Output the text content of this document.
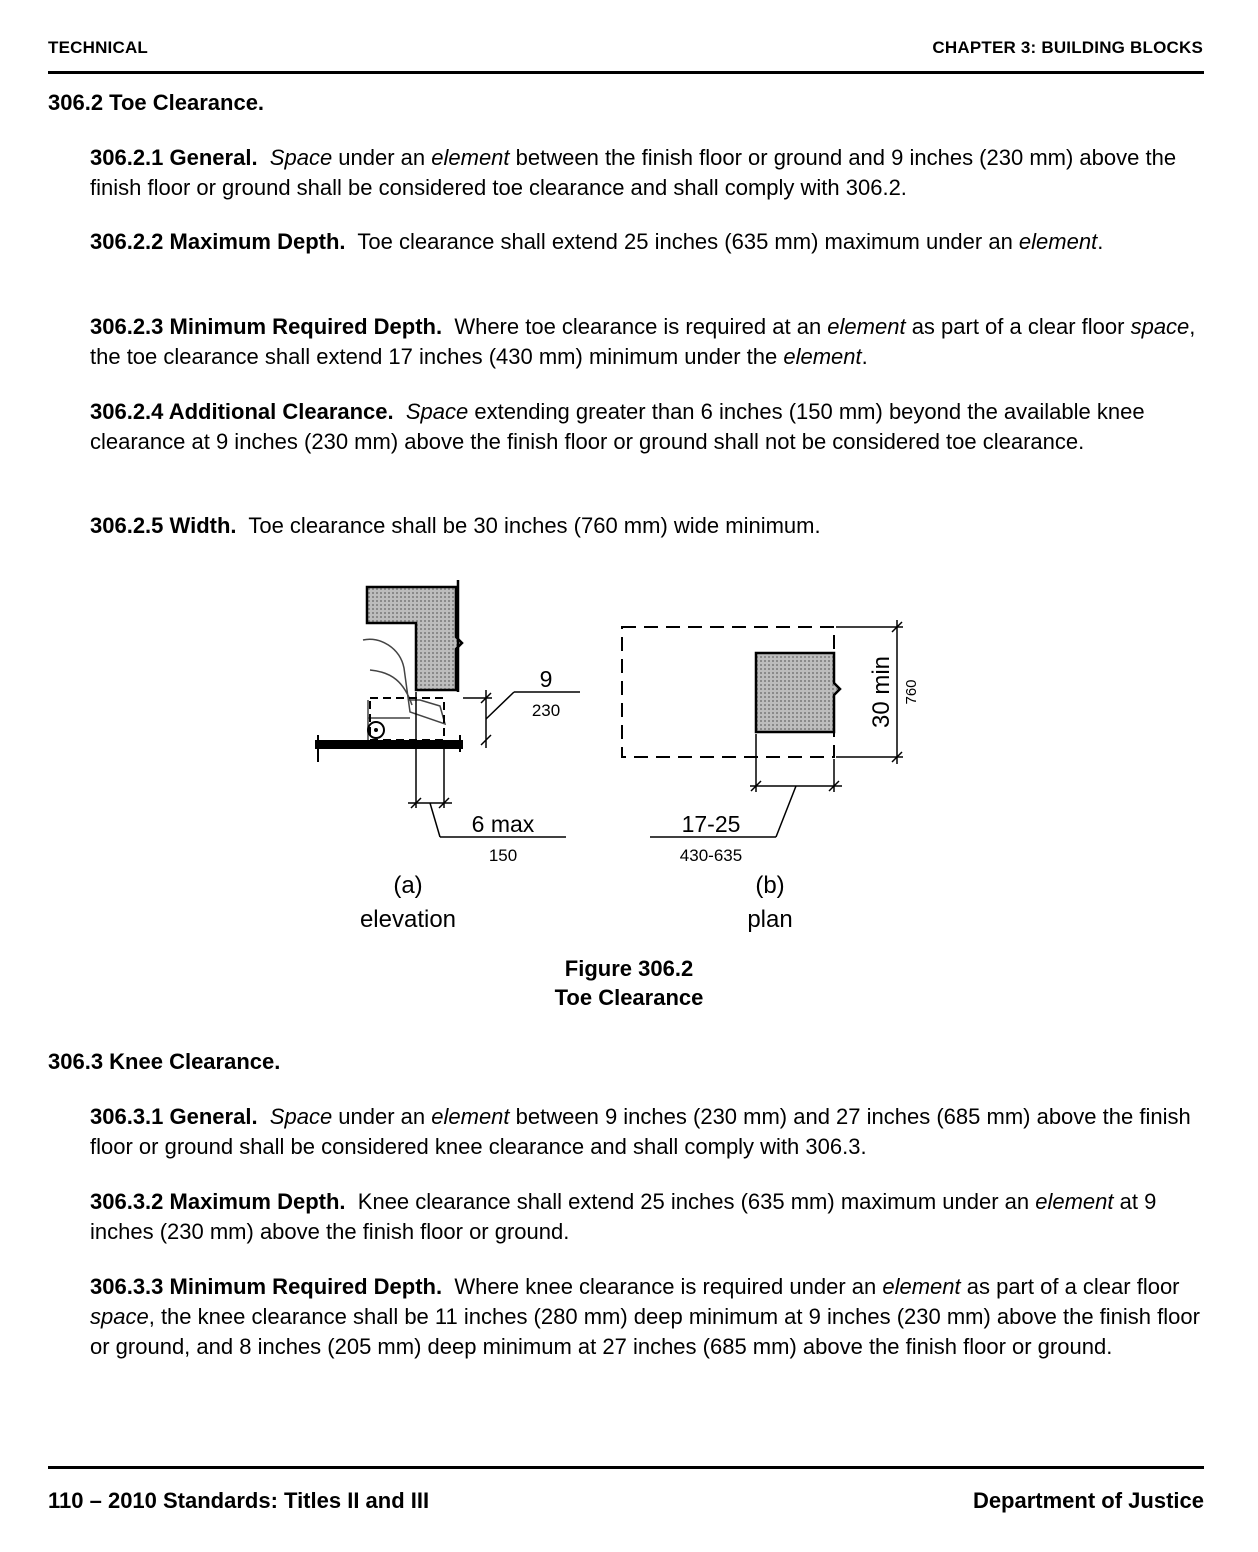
TECHNICAL	CHAPTER 3: BUILDING BLOCKS
306.2 Toe Clearance.

306.2.1 General. Space under an element between the finish floor or ground and 9 inches (230 mm) above the finish floor or ground shall be considered toe clearance and shall comply with 306.2.

306.2.2 Maximum Depth. Toe clearance shall extend 25 inches (635 mm) maximum under an element.

306.2.3 Minimum Required Depth. Where toe clearance is required at an element as part of a clear floor space, the toe clearance shall extend 17 inches (430 mm) minimum under the element.

306.2.4 Additional Clearance. Space extending greater than 6 inches (150 mm) beyond the available knee clearance at 9 inches (230 mm) above the finish floor or ground shall not be considered toe clearance.

306.2.5 Width. Toe clearance shall be 30 inches (760 mm) wide minimum.

9
230
6 max
150
(a)
elevation
30 min 760
17-25
430-635
(b)
plan
Figure 306.2
Toe Clearance
306.3 Knee Clearance.

306.3.1 General. Space under an element between 9 inches (230 mm) and 27 inches (685 mm) above the finish floor or ground shall be considered knee clearance and shall comply with 306.3.

306.3.2 Maximum Depth. Knee clearance shall extend 25 inches (635 mm) maximum under an element at 9 inches (230 mm) above the finish floor or ground.

306.3.3 Minimum Required Depth. Where knee clearance is required under an element as part of a clear floor space, the knee clearance shall be 11 inches (280 mm) deep minimum at 9 inches (230 mm) above the finish floor or ground, and 8 inches (205 mm) deep minimum at 27 inches (685 mm) above the finish floor or ground.

110 – 2010 Standards: Titles II and III	Department of Justice
